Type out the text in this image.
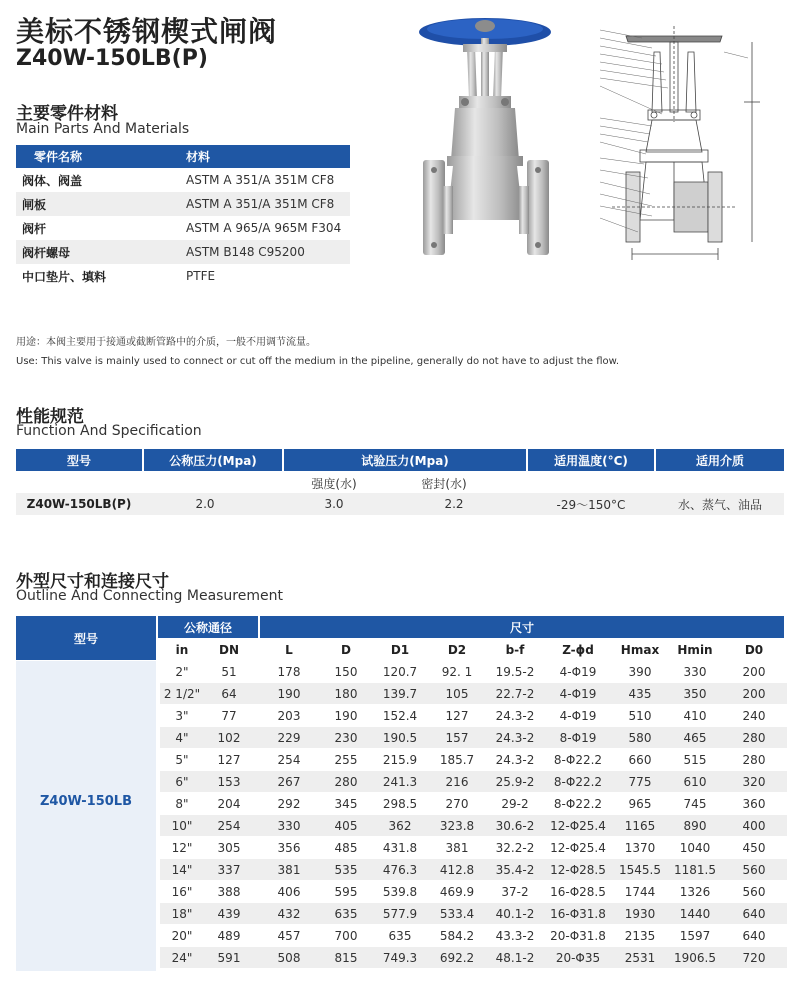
美标不锈钢楔式闸阀
Z40W-150LB(P)
主要零件材料
Main Parts And Materials
零件名称	材料
阀体、阀盖	ASTM A 351/A 351M CF8
闸板	ASTM A 351/A 351M CF8
阀杆	ASTM A 965/A 965M F304
阀杆螺母	ASTM B148 C95200
中口垫片、填料	PTFE
用途：本阀主要用于接通或截断管路中的介质，一般不用调节流量。
Use: This valve is mainly used to connect or cut off the medium in the pipeline, generally do not have to adjust the flow.
性能规范
Function And Specification
型号	公称压力(Mpa)	试验压力(Mpa)	适用温度(°C)	适用介质
强度(水)	密封(水)
Z40W-150LB(P)	2.0	3.0	2.2	-29～150°C	水、蒸气、油品
外型尺寸和连接尺寸
Outline And Connecting Measurement
型号
公称通径	尺寸
Z40W-150LB
in	DN	L	D	D1	D2	b-f	Z-ϕd	Hmax	Hmin	D0
2"	51	178	150	120.7	92. 1	19.5-2	4-Φ19	390	330	200
2 1/2"	64	190	180	139.7	105	22.7-2	4-Φ19	435	350	200
3"	77	203	190	152.4	127	24.3-2	4-Φ19	510	410	240
4"	102	229	230	190.5	157	24.3-2	8-Φ19	580	465	280
5"	127	254	255	215.9	185.7	24.3-2	8-Φ22.2	660	515	280
6"	153	267	280	241.3	216	25.9-2	8-Φ22.2	775	610	320
8"	204	292	345	298.5	270	29-2	8-Φ22.2	965	745	360
10"	254	330	405	362	323.8	30.6-2	12-Φ25.4	1165	890	400
12"	305	356	485	431.8	381	32.2-2	12-Φ25.4	1370	1040	450
14"	337	381	535	476.3	412.8	35.4-2	12-Φ28.5	1545.5	1181.5	560
16"	388	406	595	539.8	469.9	37-2	16-Φ28.5	1744	1326	560
18"	439	432	635	577.9	533.4	40.1-2	16-Φ31.8	1930	1440	640
20"	489	457	700	635	584.2	43.3-2	20-Φ31.8	2135	1597	640
24"	591	508	815	749.3	692.2	48.1-2	20-Φ35	2531	1906.5	720
